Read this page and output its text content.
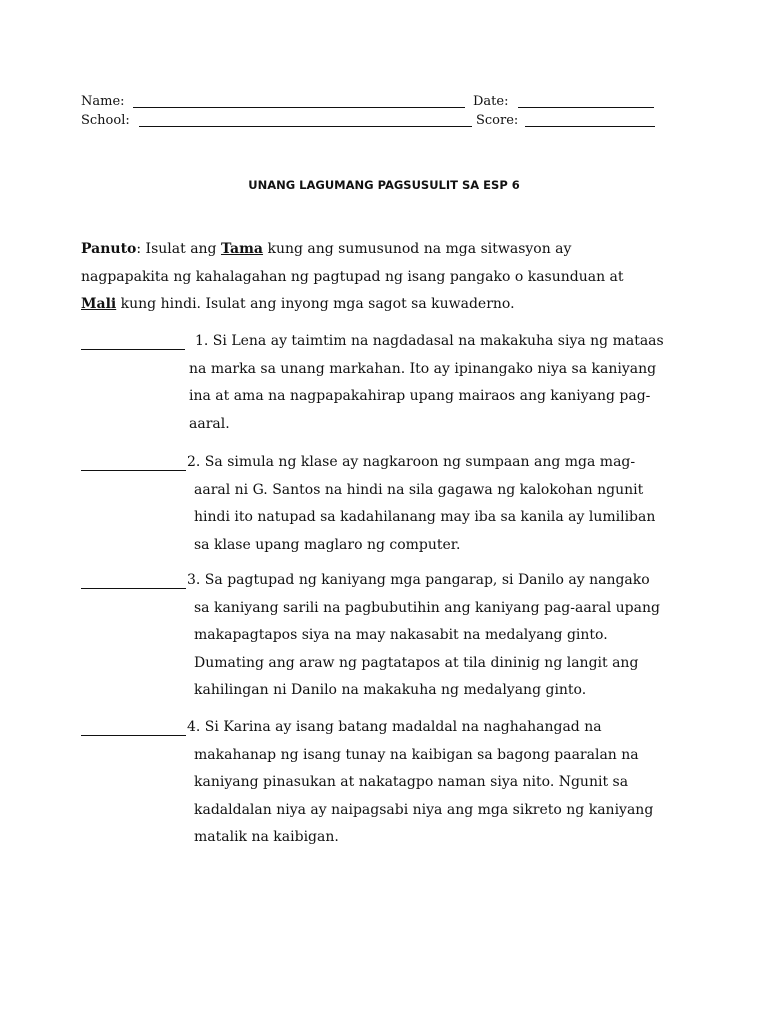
Name:	Date:
School:	Score:
UNANG LAGUMANG PAGSUSULIT SA ESP 6
Panuto: Isulat ang Tama kung ang sumusunod na mga sitwasyon ay
nagpapakita ng kahalagahan ng pagtupad ng isang pangako o kasunduan at
Mali kung hindi. Isulat ang inyong mga sagot sa kuwaderno.
1. Si Lena ay taimtim na nagdadasal na makakuha siya ng mataas
na marka sa unang markahan. Ito ay ipinangako niya sa kaniyang
ina at ama na nagpapakahirap upang mairaos ang kaniyang pag-
aaral.
2. Sa simula ng klase ay nagkaroon ng sumpaan ang mga mag-
aaral ni G. Santos na hindi na sila gagawa ng kalokohan ngunit
hindi ito natupad sa kadahilanang may iba sa kanila ay lumiliban
sa klase upang maglaro ng computer.
3. Sa pagtupad ng kaniyang mga pangarap, si Danilo ay nangako
sa kaniyang sarili na pagbubutihin ang kaniyang pag-aaral upang
makapagtapos siya na may nakasabit na medalyang ginto.
Dumating ang araw ng pagtatapos at tila dininig ng langit ang
kahilingan ni Danilo na makakuha ng medalyang ginto.
4. Si Karina ay isang batang madaldal na naghahangad na
makahanap ng isang tunay na kaibigan sa bagong paaralan na
kaniyang pinasukan at nakatagpo naman siya nito. Ngunit sa
kadaldalan niya ay naipagsabi niya ang mga sikreto ng kaniyang
matalik na kaibigan.
